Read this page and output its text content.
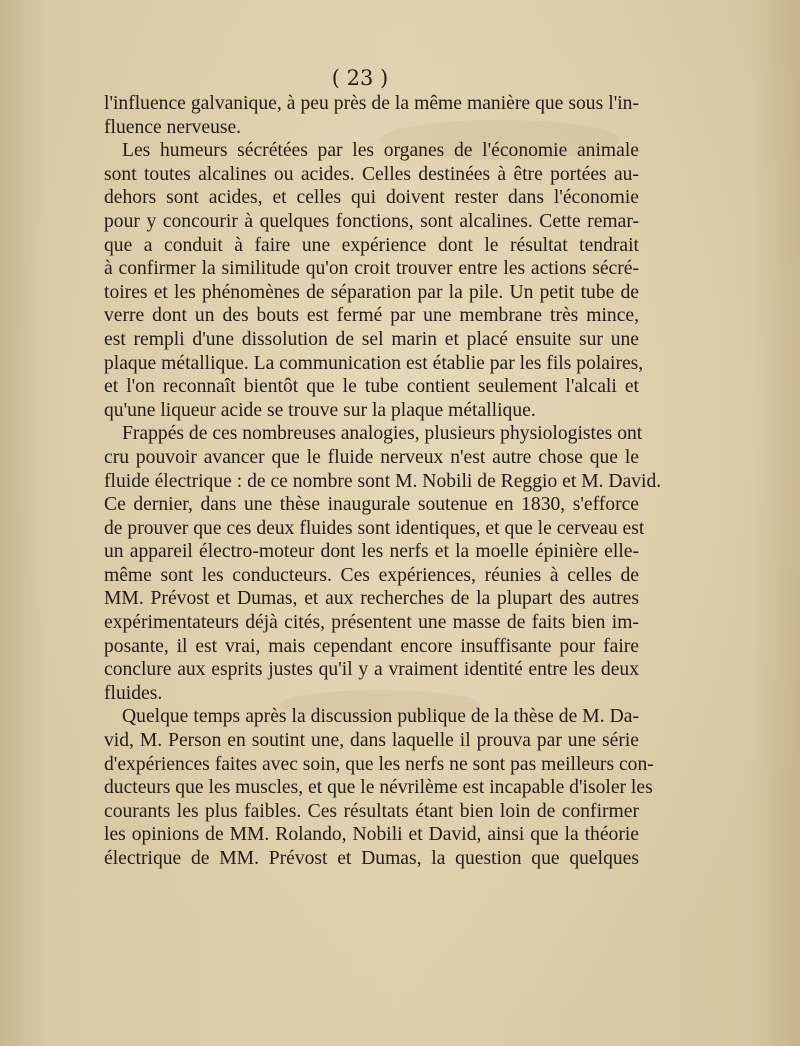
( 23 )
l'influence galvanique, à peu près de la même manière que sous l'in-
fluence nerveuse.
Les humeurs sécrétées par les organes de l'économie animale
sont toutes alcalines ou acides. Celles destinées à être portées au-
dehors sont acides, et celles qui doivent rester dans l'économie
pour y concourir à quelques fonctions, sont alcalines. Cette remar-
que a conduit à faire une expérience dont le résultat tendrait
à confirmer la similitude qu'on croit trouver entre les actions sécré-
toires et les phénomènes de séparation par la pile. Un petit tube de
verre dont un des bouts est fermé par une membrane très mince,
est rempli d'une dissolution de sel marin et placé ensuite sur une
plaque métallique. La communication est établie par les fils polaires,
et l'on reconnaît bientôt que le tube contient seulement l'alcali et
qu'une liqueur acide se trouve sur la plaque métallique.
Frappés de ces nombreuses analogies, plusieurs physiologistes ont
cru pouvoir avancer que le fluide nerveux n'est autre chose que le
fluide électrique : de ce nombre sont M. Nobili de Reggio et M. David.
Ce dernier, dans une thèse inaugurale soutenue en 1830, s'efforce
de prouver que ces deux fluides sont identiques, et que le cerveau est
un appareil électro-moteur dont les nerfs et la moelle épinière elle-
même sont les conducteurs. Ces expériences, réunies à celles de
MM. Prévost et Dumas, et aux recherches de la plupart des autres
expérimentateurs déjà cités, présentent une masse de faits bien im-
posante, il est vrai, mais cependant encore insuffisante pour faire
conclure aux esprits justes qu'il y a vraiment identité entre les deux
fluides.
Quelque temps après la discussion publique de la thèse de M. Da-
vid, M. Person en soutint une, dans laquelle il prouva par une série
d'expériences faites avec soin, que les nerfs ne sont pas meilleurs con-
ducteurs que les muscles, et que le névrilème est incapable d'isoler les
courants les plus faibles. Ces résultats étant bien loin de confirmer
les opinions de MM. Rolando, Nobili et David, ainsi que la théorie
électrique de MM. Prévost et Dumas, la question que quelques
